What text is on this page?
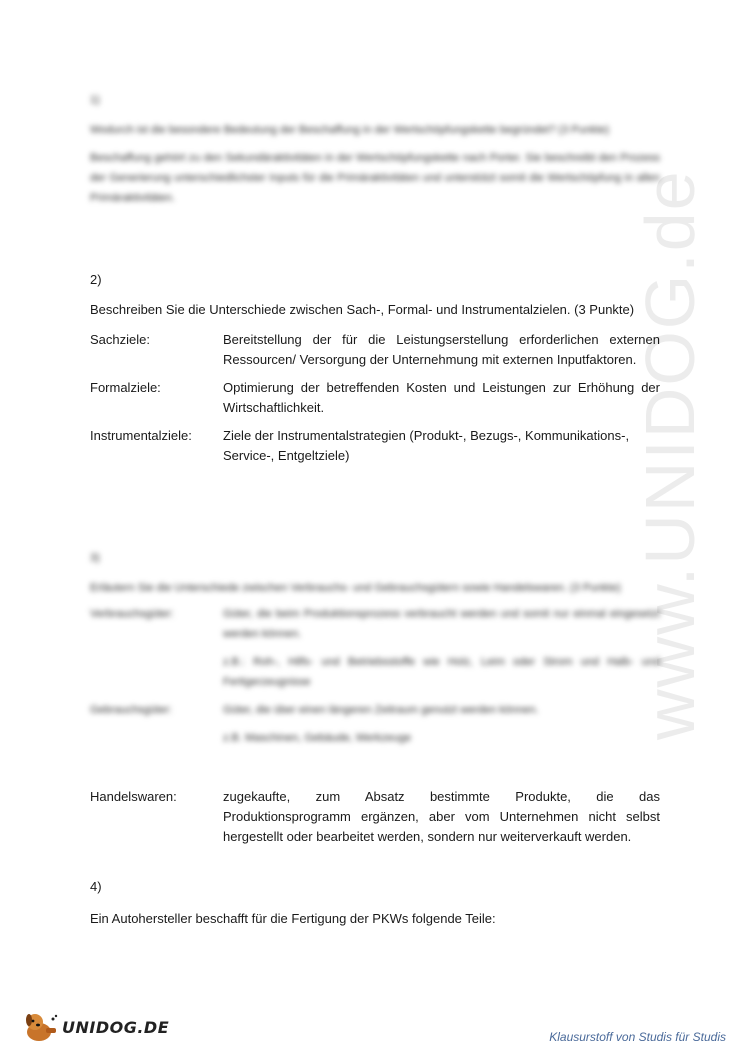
www.UNIDOG.de
1)
Wodurch ist die besondere Bedeutung der Beschaffung in der Wertschöpfungskette begründet? (3 Punkte)
Beschaffung gehört zu den Sekundäraktivitäten in der Wertschöpfungskette nach Porter. Sie beschreibt den Prozess der Generierung unterschiedlichster Inputs für die Primäraktivitäten und unterstützt somit die Wertschöpfung in allen Primäraktivitäten.
2)
Beschreiben Sie die Unterschiede zwischen Sach-, Formal- und Instrumentalzielen. (3 Punkte)
Sachziele:	Bereitstellung der für die Leistungserstellung erforderlichen externen Ressourcen/ Versorgung der Unternehmung mit externen Inputfaktoren.
Formalziele:	Optimierung der betreffenden Kosten und Leistungen zur Erhöhung der Wirtschaftlichkeit.
Instrumentalziele:	Ziele der Instrumentalstrategien (Produkt-, Bezugs-, Kommunikations-, Service-, Entgeltziele)
3)
Erläutern Sie die Unterschiede zwischen Verbrauchs- und Gebrauchsgütern sowie Handelswaren. (3 Punkte)
Verbrauchsgüter:	Güter, die beim Produktionsprozess verbraucht werden und somit nur einmal eingesetzt werden können.
z.B.: Roh-, Hilfs- und Betriebsstoffe wie Holz, Leim oder Strom und Halb- und Fertigerzeugnisse
Gebrauchsgüter:	Güter, die über einen längeren Zeitraum genutzt werden können.
z.B. Maschinen, Gebäude, Werkzeuge
Handelswaren:	zugekaufte, zum Absatz bestimmte Produkte, die das Produktionsprogramm ergänzen, aber vom Unternehmen nicht selbst hergestellt oder bearbeitet werden, sondern nur weiterverkauft werden.
4)
Ein Autohersteller beschafft für die Fertigung der PKWs folgende Teile:
UNIDOG.DE
Klausurstoff von Studis für Studis
